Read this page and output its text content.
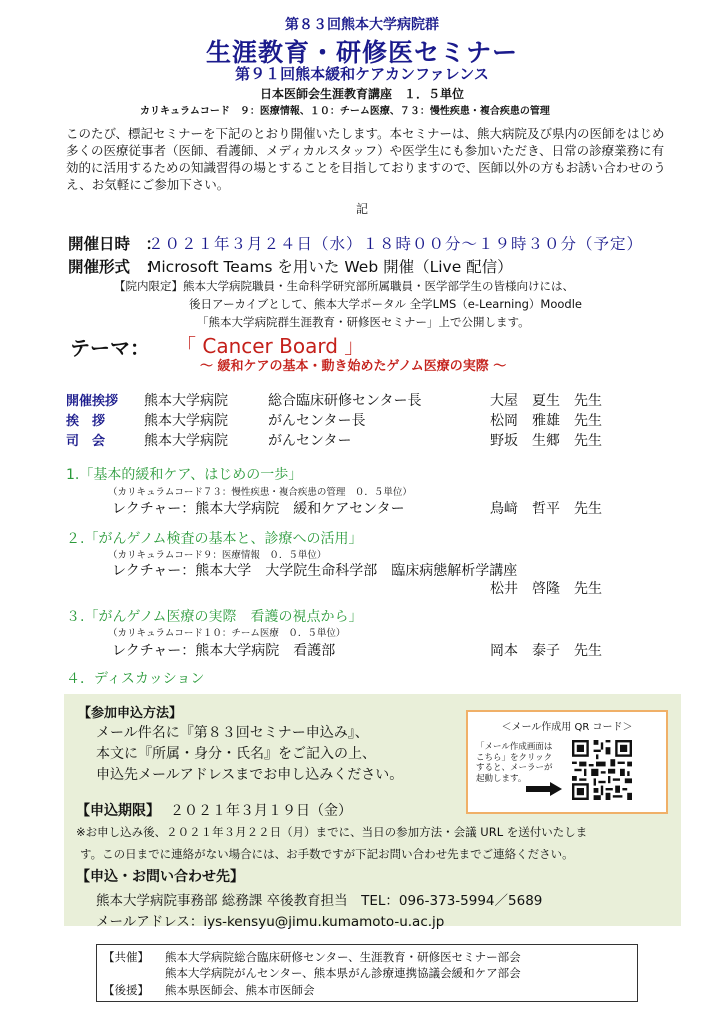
第８３回熊本大学病院群
生涯教育・研修医セミナー
第９１回熊本緩和ケアカンファレンス
日本医師会生涯教育講座　１．５単位
カリキュラムコード　９：医療情報、１０：チーム医療、７３：慢性疾患・複合疾患の管理
このたび、標記セミナーを下記のとおり開催いたします。本セミナーは、熊大病院及び県内の医師をはじめ多くの医療従事者（医師、看護師、メディカルスタッフ）や医学生にも参加いただき、日常の診療業務に有効的に活用するための知識習得の場とすることを目指しておりますので、医師以外の方もお誘い合わせのうえ、お気軽にご参加下さい。
記
開催日時　：
２０２１年３月２４日（水）１８時００分～１９時３０分（予定）
開催形式　：
Microsoft Teams を用いた Web 開催（Live 配信）
【院内限定】熊本大学病院職員・生命科学研究部所属職員・医学部学生の皆様向けには、
後日アーカイブとして、熊本大学ポータル 全学LMS（e-Learning）Moodle
「熊本大学病院群生涯教育・研修医セミナー」上で公開します。
テーマ： 「 Cancer Board 」
～ 緩和ケアの基本・動き始めたゲノム医療の実際 ～
開催挨拶 熊本大学病院	総合臨床研修センター長	大屋　夏生　先生
挨　拶	熊本大学病院	がんセンター長	松岡　雅雄　先生
司　会	熊本大学病院	がんセンター	野坂　生郷　先生
1.「基本的緩和ケア、はじめの一歩」
（カリキュラムコード７３：慢性疾患・複合疾患の管理　０．５単位）
レクチャー：熊本大学病院　緩和ケアセンター	鳥﨑　哲平　先生
２.「がんゲノム検査の基本と、診療への活用」
（カリキュラムコード９：医療情報　０．５単位）
レクチャー：熊本大学　大学院生命科学部　臨床病態解析学講座
松井　啓隆　先生
３.「がんゲノム医療の実際　看護の視点から」
（カリキュラムコード１０：チーム医療　０．５単位）
レクチャー：熊本大学病院　看護部	岡本　泰子　先生
４．ディスカッション
【参加申込方法】
メール件名に『第８３回セミナー申込み』、
本文に『所属・身分・氏名』をご記入の上、
申込先メールアドレスまでお申し込みください。
＜メール作成用 QR コード＞
「メール作成画面はこちら」をクリックすると、メーラーが起動します。
【申込期限】 ２０２１年３月１９日（金）
※お申し込み後、２０２１年３月２２日（月）までに、当日の参加方法・会議 URL を送付いたしま
す。この日までに連絡がない場合には、お手数ですが下記お問い合わせ先までご連絡ください。
【申込・お問い合わせ先】
熊本大学病院事務部 総務課 卒後教育担当　TEL：096-373-5994／5689
メールアドレス：iys-kensyu@jimu.kumamoto-u.ac.jp
【共催】 熊本大学病院総合臨床研修センター、生涯教育・研修医セミナー部会
熊本大学病院がんセンター、熊本県がん診療連携協議会緩和ケア部会
【後援】 熊本県医師会、熊本市医師会
